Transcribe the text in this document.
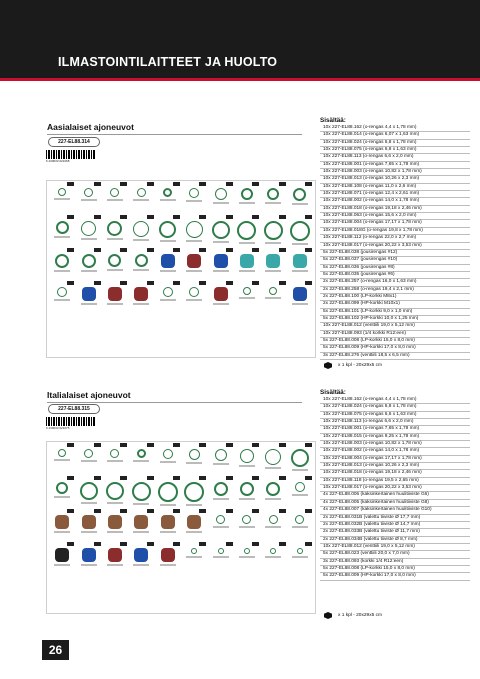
ILMASTOINTILAITTEET JA HUOLTO
Aasialaiset ajoneuvot
227-EL88.314
6 430033 021068
Sisältää:
10x 227-EL88.162 (o-rengas 4,4 x 1,78 mm)
10x 227-EL88.014 (o-rengas 6,07 x 1,63 mm)
10x 227-EL88.024 (o-rengas 6,8 x 1,78 mm)
10x 227-EL88.075 (o-rengas 6,8 x 1,63 mm)
10x 227-EL88.113 (o-rengas 6,6 x 2,0 mm)
10x 227-EL88.001 (o-rengas 7,65 x 1,78 mm)
10x 227-EL88.003 (o-rengas 10,82 x 1,78 mm)
10x 227-EL88.013 (o-rengas 10,26 x 2,3 mm)
10x 227-EL88.108 (o-rengas 11,0 x 2,6 mm)
10x 227-EL88.071 (o-rengas 12,4 x 2,61 mm)
10x 227-EL88.002 (o-rengas 14,0 x 1,78 mm)
10x 227-EL88.018 (o-rengas 19,18 x 2,46 mm)
10x 227-EL88.063 (o-rengas 15,6 x 2,0 mm)
10x 227-EL88.004 (o-rengas 17,17 x 1,78 mm)
10x 227-EL88.018G (o-rengas 19,8 x 1,78 mm)
10x 227-EL88.112 (o-rengas 22,0 x 2,7 mm)
10x 227-EL88.017 (o-rengas 20,22 x 3,53 mm)
5x 227-EL88.038 (jousirengas #12)
5x 227-EL88.037 (jousirengas #10)
5x 227-EL88.036 (jousirengas #8)
5x 227-EL88.035 (jousirengas #6)
2x 227-EL88.257 (o-rengas 16,0 x 1,63 mm)
2x 227-EL88.258 (o-rengas 19,4 x 2,1 mm)
2x 227-EL88.100 (LP-korkki M8x1)
2x 227-EL88.099 (HP-korkki M10x1)
5x 227-EL88.101 (LP-korkki 9,0 x 1,0 mm)
5x 227-EL88.102 (HP-korkki 10,0 x 1,25 mm)
10x 227-EL88.012 (venttiili 19,0 x 5,12 mm)
10x 227-EL88.093 (1/4 korkki R12:een)
5x 227-EL88.008 (LP-korkki 15,0 x 8,0 mm)
5x 227-EL88.009 (HP-korkki 17,0 x 8,0 mm)
3x 227-EL88.276 (venttiili 18,5 x 6,5 mm)
x 1 kpl - 20x29x5 cm
Italialaiset ajoneuvot
227-EL88.315
6 430033 021075
Sisältää:
10x 227-EL88.162 (o-rengas 4,4 x 1,78 mm)
10x 227-EL88.024 (o-rengas 6,8 x 1,78 mm)
10x 227-EL88.075 (o-rengas 6,6 x 1,63 mm)
10x 227-EL88.113 (o-rengas 6,6 x 2,0 mm)
10x 227-EL88.001 (o-rengas 7,65 x 1,78 mm)
10x 227-EL88.015 (o-rengas 9,25 x 1,78 mm)
10x 227-EL88.003 (o-rengas 10,82 x 1,78 mm)
10x 227-EL88.002 (o-rengas 14,0 x 1,78 mm)
10x 227-EL88.004 (o-rengas 17,17 x 1,78 mm)
10x 227-EL88.013 (o-rengas 10,26 x 2,3 mm)
10x 227-EL88.018 (o-rengas 19,18 x 2,46 mm)
10x 227-EL88.118 (o-rengas 19,5 x 2,65 mm)
10x 227-EL88.017 (o-rengas 20,22 x 3,53 mm)
4x 227-EL88.006 (kaksinkertainen huulitiiviste G6)
4x 227-EL88.005 (kaksinkertainen huulitiiviste G8)
4x 227-EL88.007 (kaksinkertainen huulitiiviste G10)
2x 227-EL88.031B (valettu tiiviste Ø 17,7 mm)
2x 227-EL88.032B (valettu tiiviste Ø 14,7 mm)
2x 227-EL88.033B (valettu tiiviste Ø 11,7 mm)
2x 227-EL88.034B (valettu tiiviste Ø 8,7 mm)
10x 227-EL88.012 (venttiili 19,0 x 5,12 mm)
5x 227-EL88.023 (venttiili 20,0 x 7,0 mm)
3x 227-EL88.093 (korkki 1/4 R12:een)
5x 227-EL88.008 (LP-korkki 15,0 x 8,0 mm)
5x 227-EL88.009 (HP-korkki 17,0 x 8,0 mm)
x 1 kpl - 20x29x5 cm
26
